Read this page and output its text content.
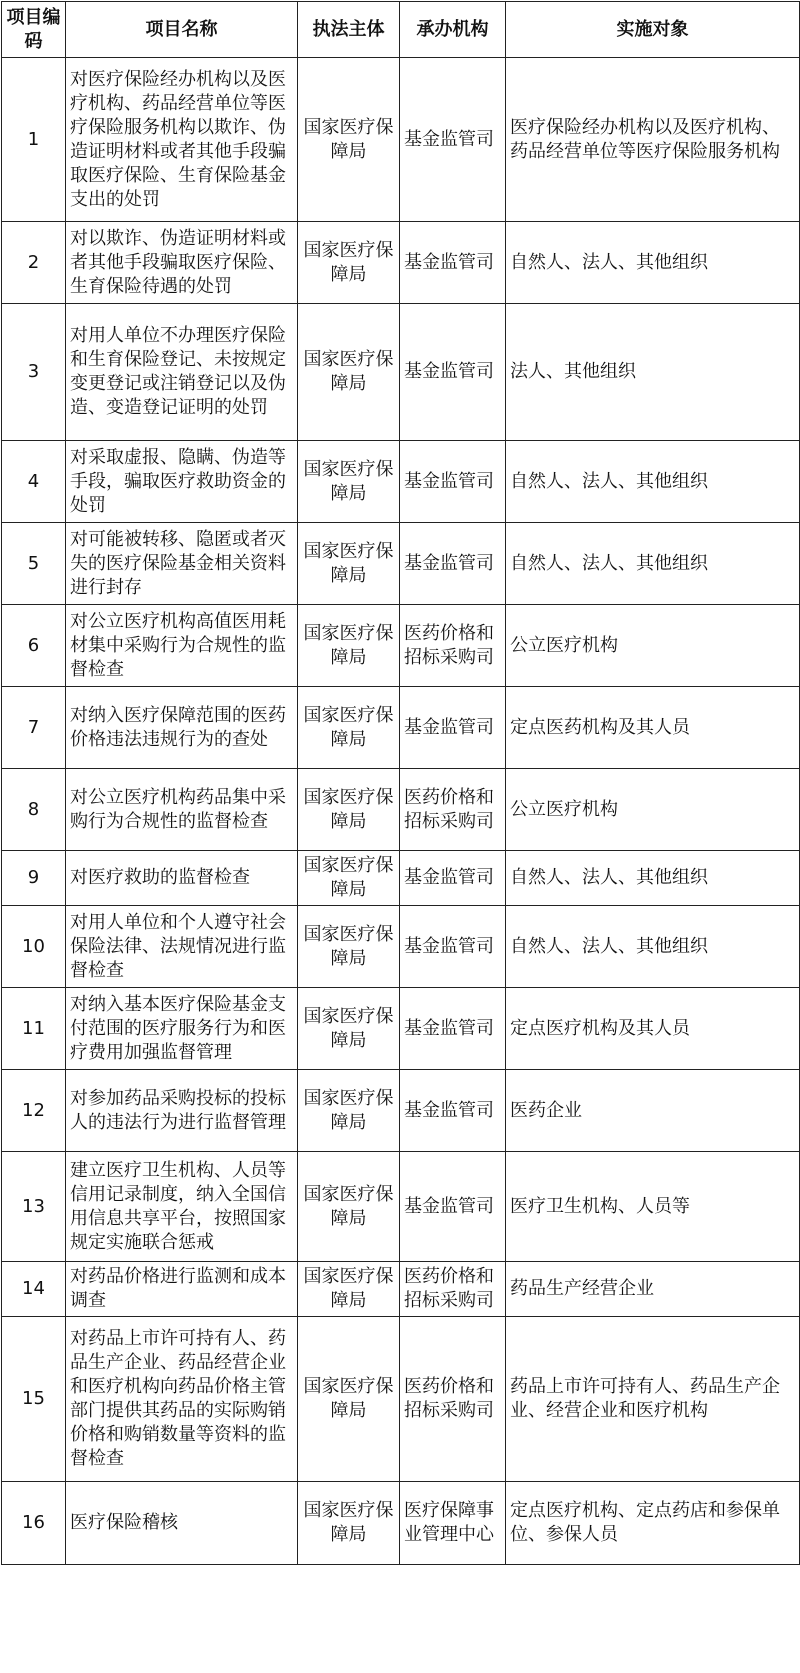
项目编码	项目名称	执法主体	承办机构	实施对象
1	对医疗保险经办机构以及医疗机构、药品经营单位等医疗保险服务机构以欺诈、伪造证明材料或者其他手段骗取医疗保险、生育保险基金支出的处罚	国家医疗保障局	基金监管司	医疗保险经办机构以及医疗机构、药品经营单位等医疗保险服务机构
2	对以欺诈、伪造证明材料或者其他手段骗取医疗保险、生育保险待遇的处罚	国家医疗保障局	基金监管司	自然人、法人、其他组织
3	对用人单位不办理医疗保险和生育保险登记、未按规定变更登记或注销登记以及伪造、变造登记证明的处罚	国家医疗保障局	基金监管司	法人、其他组织
4	对采取虚报、隐瞒、伪造等手段，骗取医疗救助资金的处罚	国家医疗保障局	基金监管司	自然人、法人、其他组织
5	对可能被转移、隐匿或者灭失的医疗保险基金相关资料进行封存	国家医疗保障局	基金监管司	自然人、法人、其他组织
6	对公立医疗机构高值医用耗材集中采购行为合规性的监督检查	国家医疗保障局	医药价格和招标采购司	公立医疗机构
7	对纳入医疗保障范围的医药价格违法违规行为的查处	国家医疗保障局	基金监管司	定点医药机构及其人员
8	对公立医疗机构药品集中采购行为合规性的监督检查	国家医疗保障局	医药价格和招标采购司	公立医疗机构
9	对医疗救助的监督检查	国家医疗保障局	基金监管司	自然人、法人、其他组织
10	对用人单位和个人遵守社会保险法律、法规情况进行监督检查	国家医疗保障局	基金监管司	自然人、法人、其他组织
11	对纳入基本医疗保险基金支付范围的医疗服务行为和医疗费用加强监督管理	国家医疗保障局	基金监管司	定点医疗机构及其人员
12	对参加药品采购投标的投标人的违法行为进行监督管理	国家医疗保障局	基金监管司	医药企业
13	建立医疗卫生机构、人员等信用记录制度，纳入全国信用信息共享平台，按照国家规定实施联合惩戒	国家医疗保障局	基金监管司	医疗卫生机构、人员等
14	对药品价格进行监测和成本调查	国家医疗保障局	医药价格和招标采购司	药品生产经营企业
15	对药品上市许可持有人、药品生产企业、药品经营企业和医疗机构向药品价格主管部门提供其药品的实际购销价格和购销数量等资料的监督检查	国家医疗保障局	医药价格和招标采购司	药品上市许可持有人、药品生产企业、经营企业和医疗机构
16	医疗保险稽核	国家医疗保障局	医疗保障事业管理中心	定点医疗机构、定点药店和参保单位、参保人员
